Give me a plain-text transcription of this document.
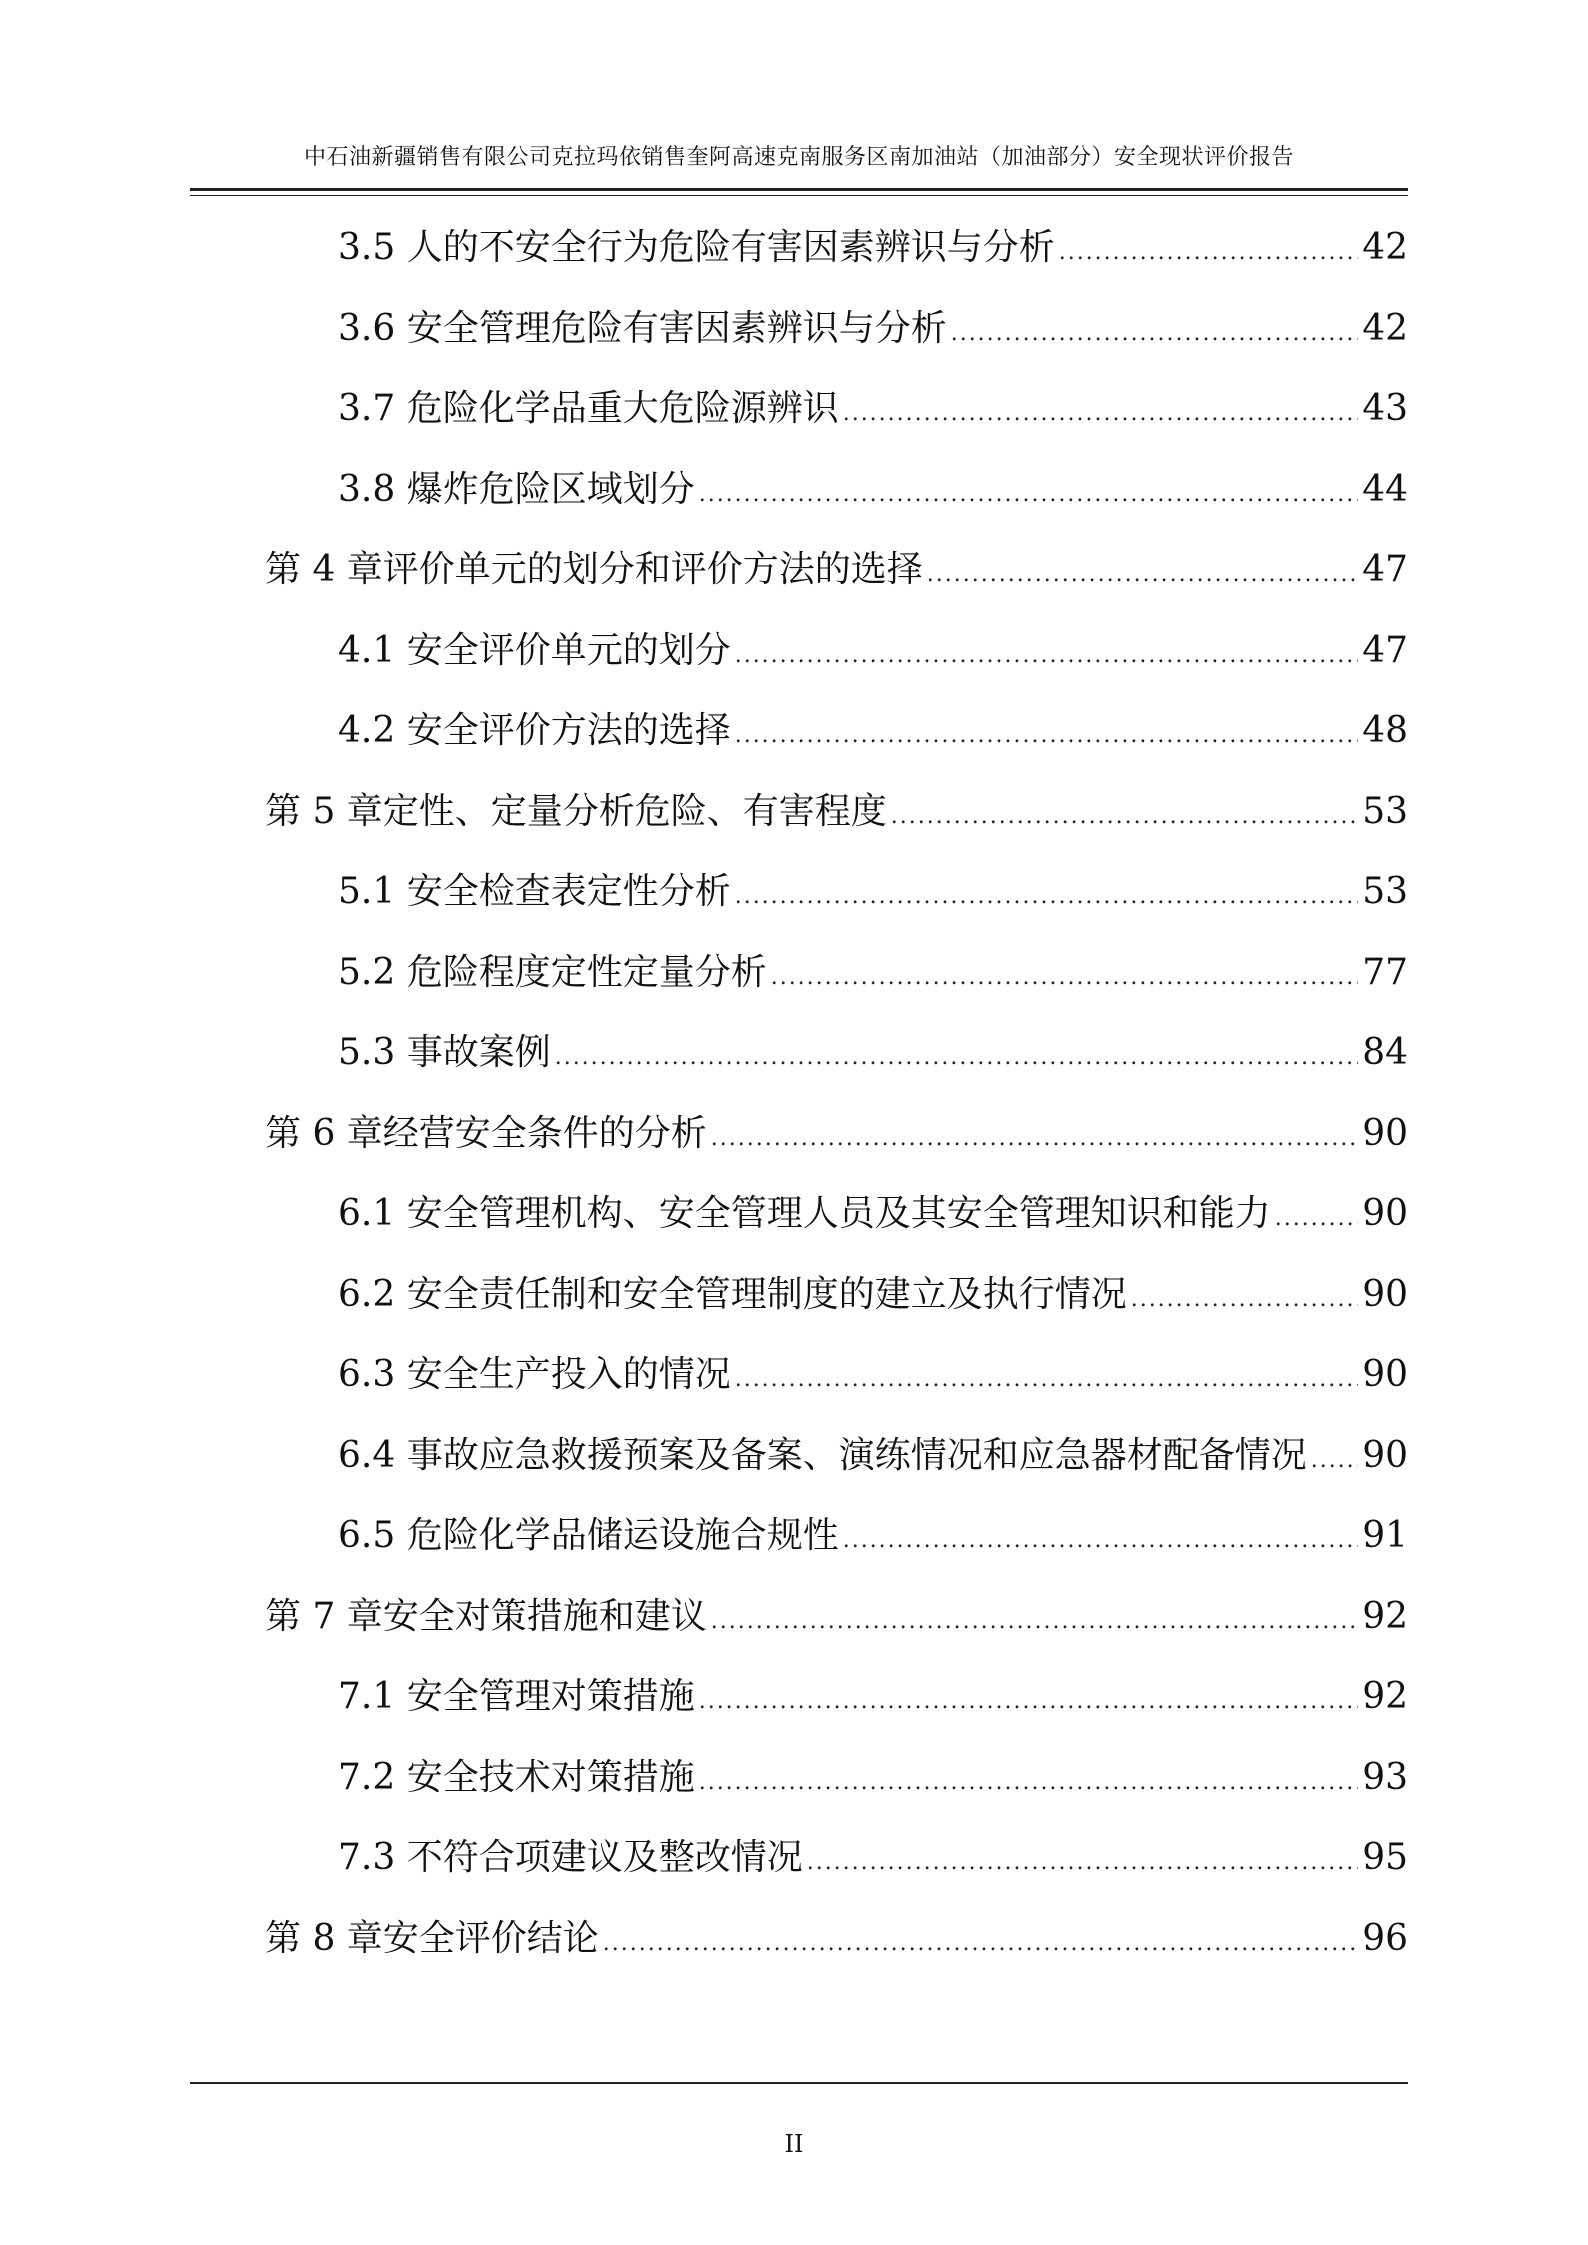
中石油新疆销售有限公司克拉玛依销售奎阿高速克南服务区南加油站（加油部分）安全现状评价报告
3.5 人的不安全行为危险有害因素辨识与分析 .....	42
3.6 安全管理危险有害因素辨识与分析 .....	42
3.7 危险化学品重大危险源辨识 .....	43
3.8 爆炸危险区域划分 .....	44
第 4 章评价单元的划分和评价方法的选择 .....	47
4.1 安全评价单元的划分 .....	47
4.2 安全评价方法的选择 .....	48
第 5 章定性、定量分析危险、有害程度 .....	53
5.1 安全检查表定性分析 .....	53
5.2 危险程度定性定量分析 .....	77
5.3 事故案例 .....	84
第 6 章经营安全条件的分析 .....	90
6.1 安全管理机构、安全管理人员及其安全管理知识和能力 .....	90
6.2 安全责任制和安全管理制度的建立及执行情况 .....	90
6.3 安全生产投入的情况 .....	90
6.4 事故应急救援预案及备案、演练情况和应急器材配备情况 ..... 90
6.5 危险化学品储运设施合规性 .....	91
第 7 章安全对策措施和建议 .....	92
7.1 安全管理对策措施 .....	92
7.2 安全技术对策措施 .....	93
7.3 不符合项建议及整改情况 .....	95
第 8 章安全评价结论 .....	96
II
